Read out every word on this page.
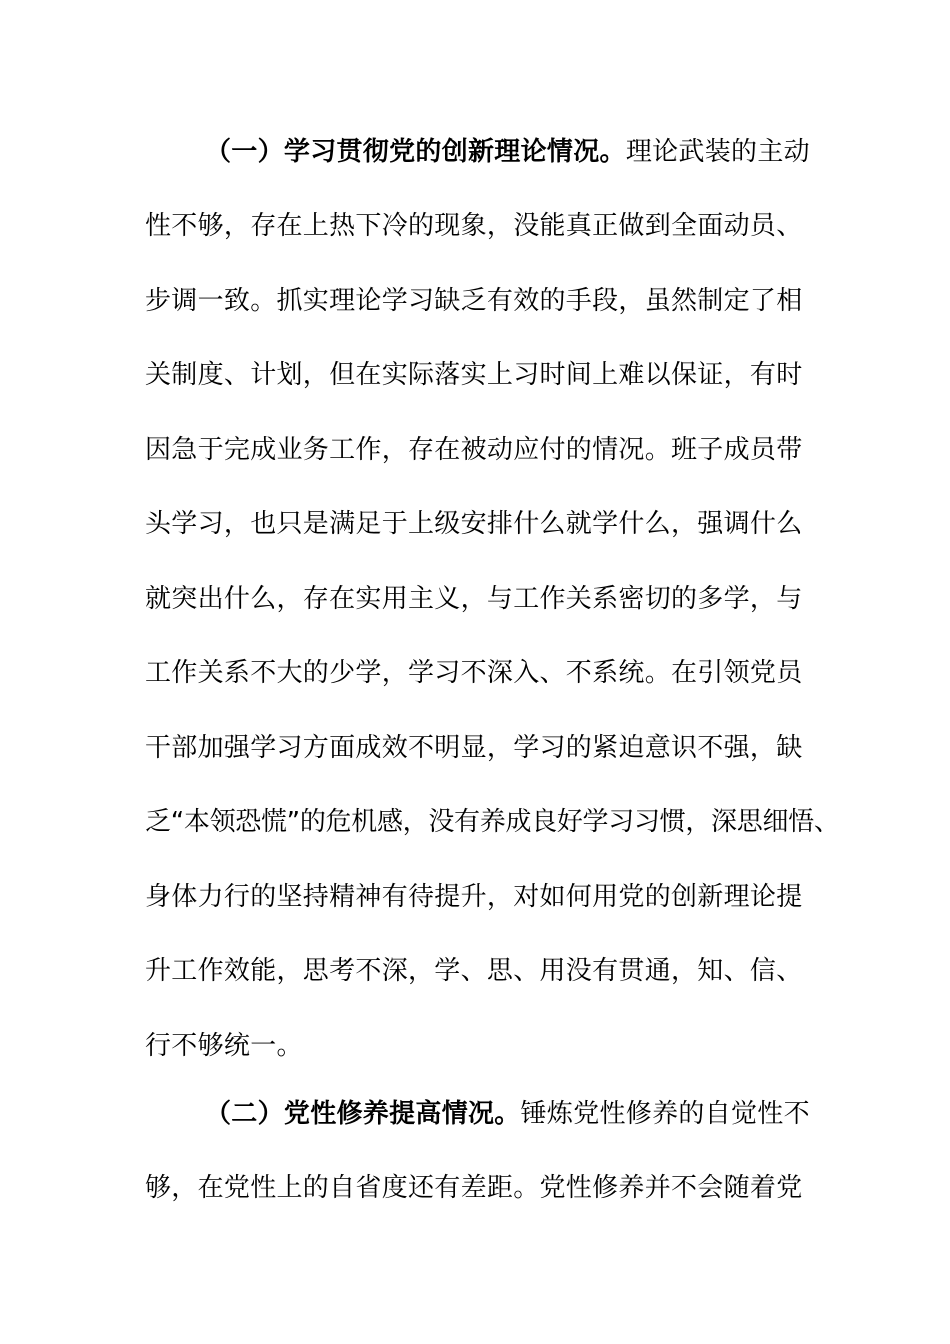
（一）学习贯彻党的创新理论情况。理论武装的主动
性不够，存在上热下冷的现象，没能真正做到全面动员、
步调一致。抓实理论学习缺乏有效的手段，虽然制定了相
关制度、计划，但在实际落实上习时间上难以保证，有时
因急于完成业务工作，存在被动应付的情况。班子成员带
头学习，也只是满足于上级安排什么就学什么，强调什么
就突出什么，存在实用主义，与工作关系密切的多学，与
工作关系不大的少学，学习不深入、不系统。在引领党员
干部加强学习方面成效不明显，学习的紧迫意识不强，缺
乏“本领恐慌”的危机感，没有养成良好学习习惯，深思细悟、
身体力行的坚持精神有待提升，对如何用党的创新理论提
升工作效能，思考不深，学、思、用没有贯通，知、信、
行不够统一。
（二）党性修养提高情况。锤炼党性修养的自觉性不
够，在党性上的自省度还有差距。党性修养并不会随着党
